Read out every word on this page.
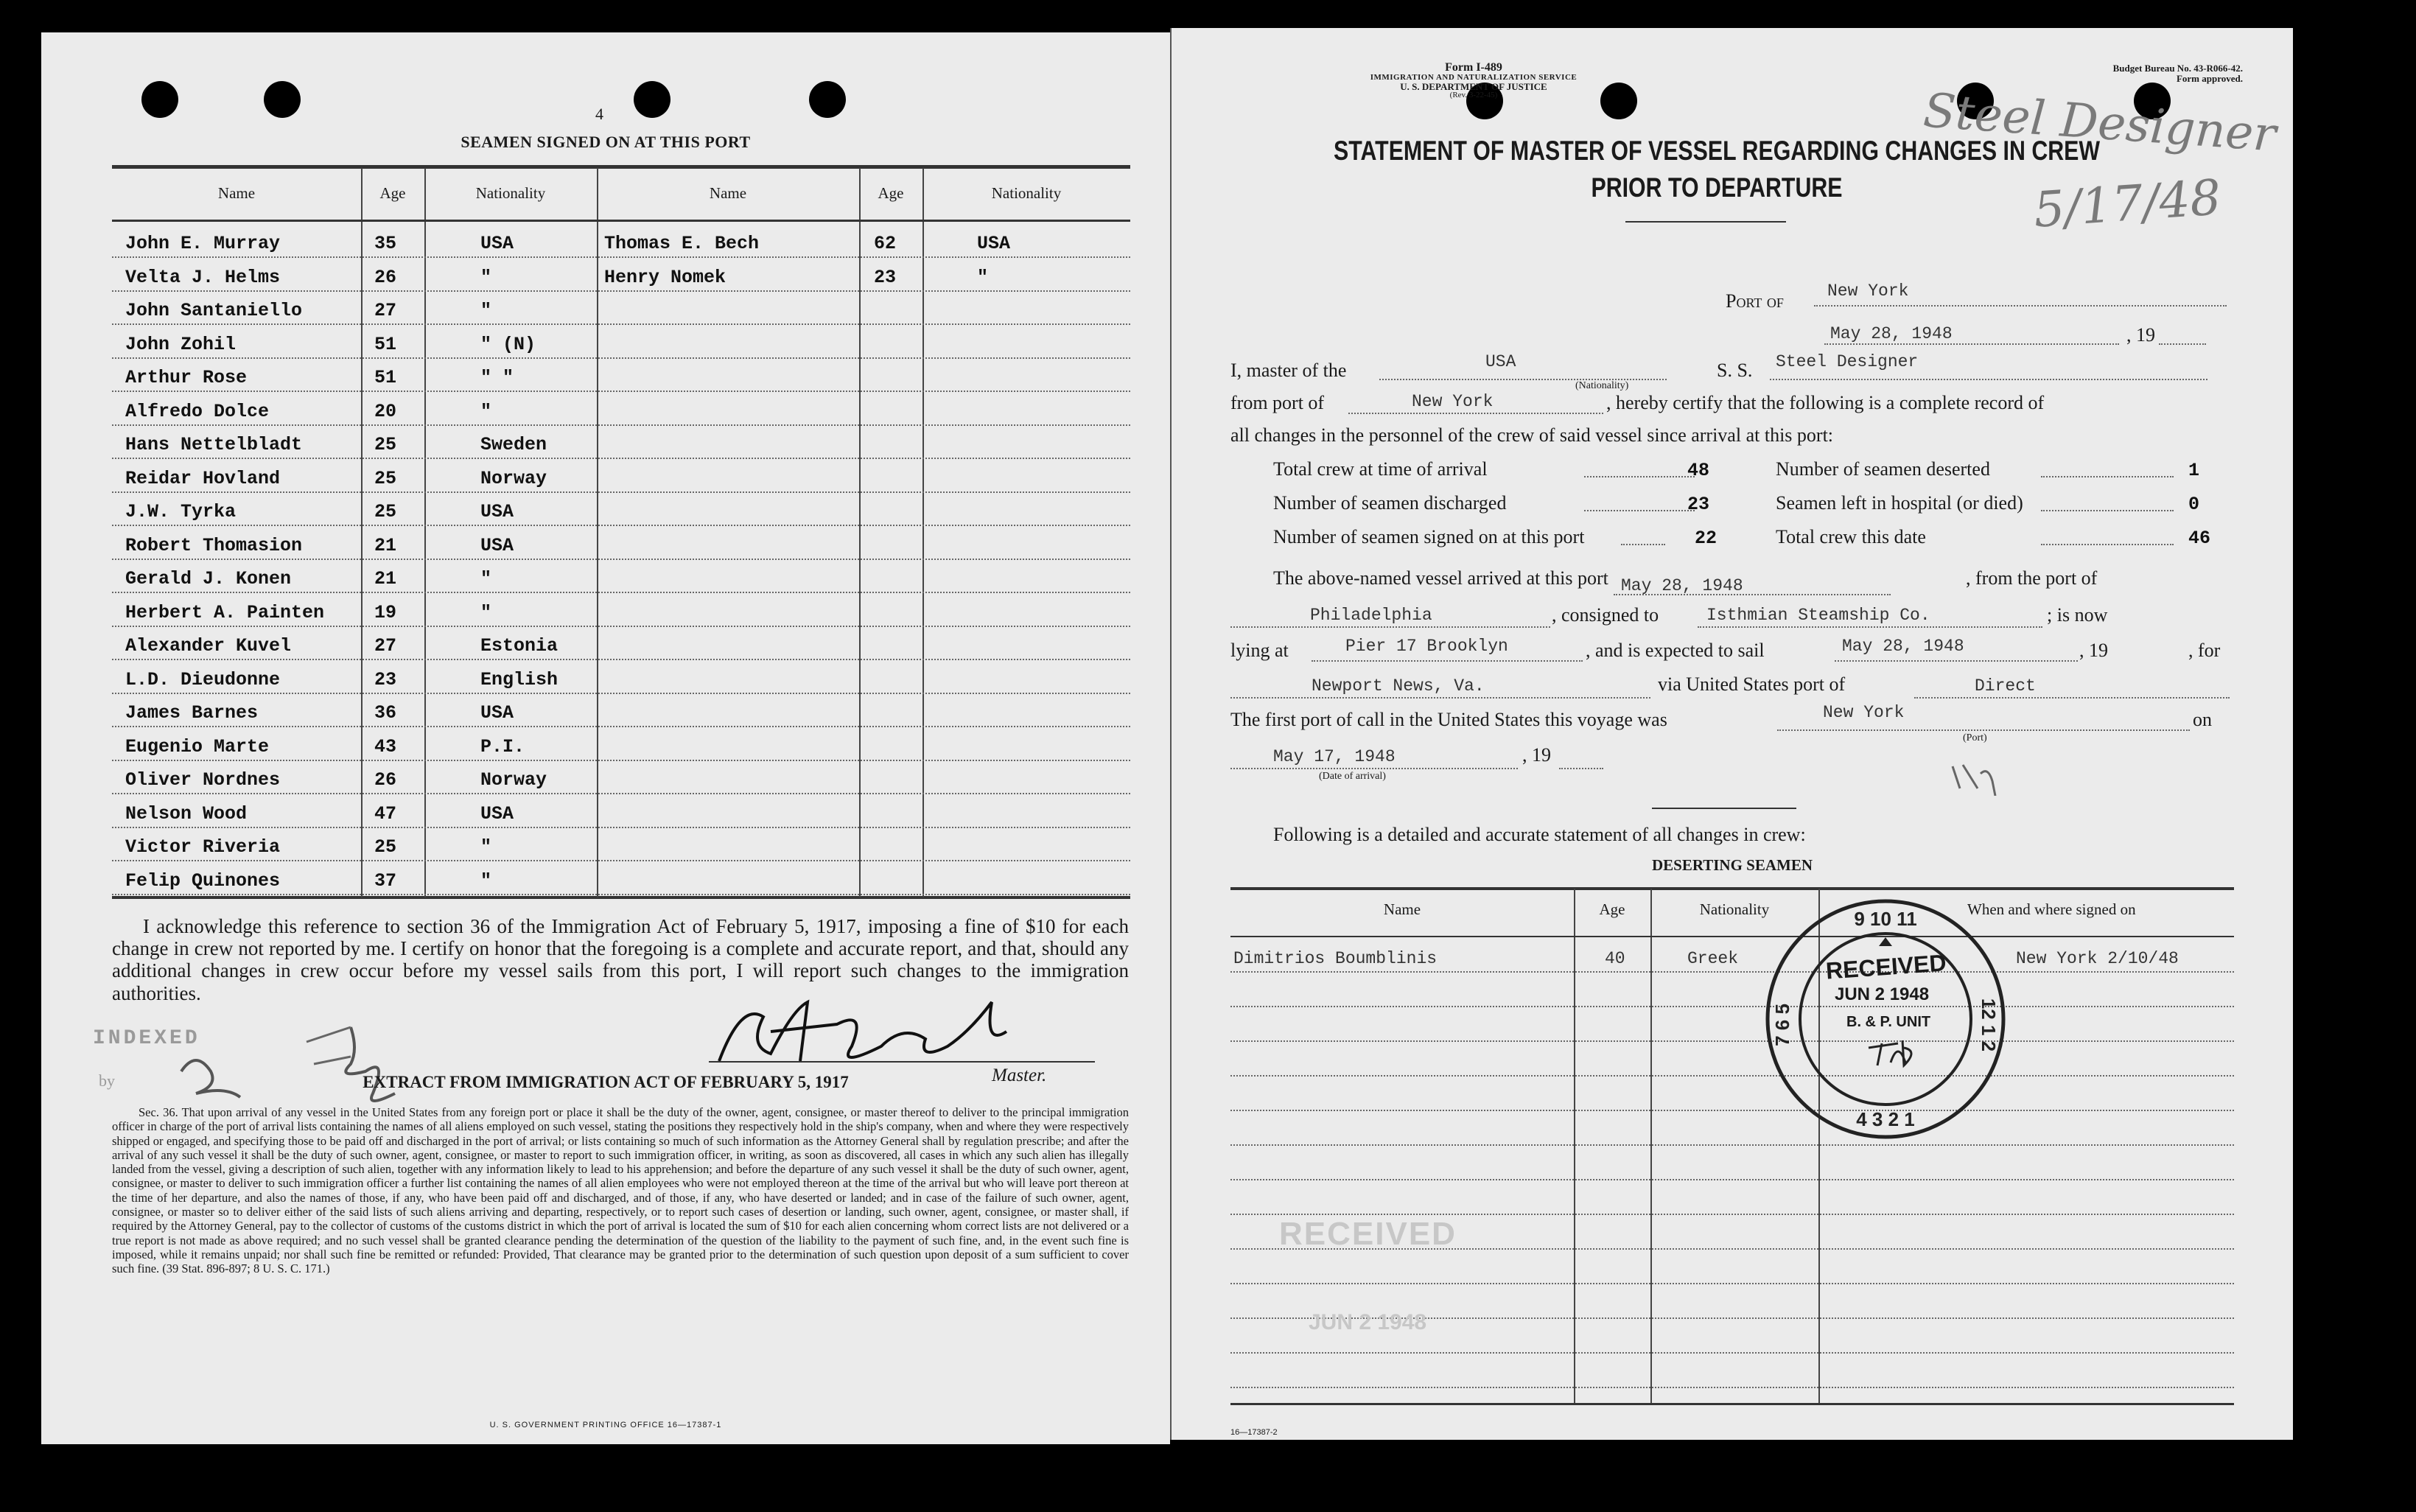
4
SEAMEN SIGNED ON AT THIS PORT
Name	Age	Nationality	Name	Age	Nationality
John E. Murray	35	USA	Thomas E. Bech	62	USA
Velta J. Helms	26	"	Henry Nomek	23	"
John Santaniello	27	"
John Zohil	51	" (N)
Arthur Rose	51	" "
Alfredo Dolce	20	"
Hans Nettelbladt	25	Sweden
Reidar Hovland	25	Norway
J.W. Tyrka	25	USA
Robert Thomasion	21	USA
Gerald J. Konen	21	"
Herbert A. Painten	19	"
Alexander Kuvel	27	Estonia
L.D. Dieudonne	23	English
James Barnes	36	USA
Eugenio Marte	43	P.I.
Oliver Nordnes	26	Norway
Nelson Wood	47	USA
Victor Riveria	25	"
Felip Quinones	37	"
I acknowledge this reference to section 36 of the Immigration Act of February 5, 1917, imposing a fine of $10 for each change in crew not reported by me. I certify on honor that the foregoing is a complete and accurate report, and that, should any additional changes in crew occur before my vessel sails from this port, I will report such changes to the immigration authorities.
INDEXED
by	Master.
EXTRACT FROM IMMIGRATION ACT OF FEBRUARY 5, 1917
Sec. 36. That upon arrival of any vessel in the United States from any foreign port or place it shall be the duty of the owner, agent, consignee, or master thereof to deliver to the principal immigration officer in charge of the port of arrival lists containing the names of all aliens employed on such vessel, stating the positions they respectively hold in the ship's company, when and where they were respectively shipped or engaged, and specifying those to be paid off and discharged in the port of arrival; or lists containing so much of such information as the Attorney General shall by regulation prescribe; and after the arrival of any such vessel it shall be the duty of such owner, agent, consignee, or master to report to such immigration officer, in writing, as soon as discovered, all cases in which any such alien has illegally landed from the vessel, giving a description of such alien, together with any information likely to lead to his apprehension; and before the departure of any such vessel it shall be the duty of such owner, agent, consignee, or master to deliver to such immigration officer a further list containing the names of all alien employees who were not employed thereon at the time of the arrival but who will leave port thereon at the time of her departure, and also the names of those, if any, who have been paid off and discharged, and of those, if any, who have deserted or landed; and in case of the failure of such owner, agent, consignee, or master so to deliver either of the said lists of such aliens arriving and departing, respectively, or to report such cases of desertion or landing, such owner, agent, consignee, or master shall, if required by the Attorney General, pay to the collector of customs of the customs district in which the port of arrival is located the sum of $10 for each alien concerning whom correct lists are not delivered or a true report is not made as above required; and no such vessel shall be granted clearance pending the determination of the question of the liability to the payment of such fine, and, in the event such fine is imposed, while it remains unpaid; nor shall such fine be remitted or refunded: Provided, That clearance may be granted prior to the determination of such question upon deposit of a sum sufficient to cover such fine. (39 Stat. 896-897; 8 U. S. C. 171.)
U. S. GOVERNMENT PRINTING OFFICE 16—17387-1
Form I-489
IMMIGRATION AND NATURALIZATION SERVICE
U. S. DEPARTMENT OF JUSTICE
(Rev. 3-22-45)
Budget Bureau No. 43-R066-42.
Form approved.
Steel Designer
5/17/48
STATEMENT OF MASTER OF VESSEL REGARDING CHANGES IN CREW
PRIOR TO DEPARTURE
Port of	New York
May 28, 1948	, 19
I, master of the	USA
(Nationality)
S. S. Steel Designer
from port of	New York	, hereby certify that the following is a complete record of
all changes in the personnel of the crew of said vessel since arrival at this port:
Total crew at time of arrival	48
Number of seamen discharged	23
Number of seamen signed on at this port	22
Number of seamen deserted	1
Seamen left in hospital (or died)	0
Total crew this date	46
The above-named vessel arrived at this port May 28, 1948	, from the port of
Philadelphia	, consigned to	Isthmian Steamship Co.	; is now
lying at	Pier 17 Brooklyn	, and is expected to sail	May 28, 1948	, 19	, for
Newport News, Va.	via United States port of	Direct
The first port of call in the United States this voyage was	New York	on
(Port)
May 17, 1948	, 19
(Date of arrival)
Following is a detailed and accurate statement of all changes in crew:
DESERTING SEAMEN
Name	Age	Nationality	When and where signed on
Dimitrios Boumblinis	40	Greek	New York 2/10/48
9 10 11
7 6 5	12 1 2
4 3 2 1
RECEIVED
JUN 2 1948
B. & P. UNIT
RECEIVED
JUN 2 1948
16—17387-2
